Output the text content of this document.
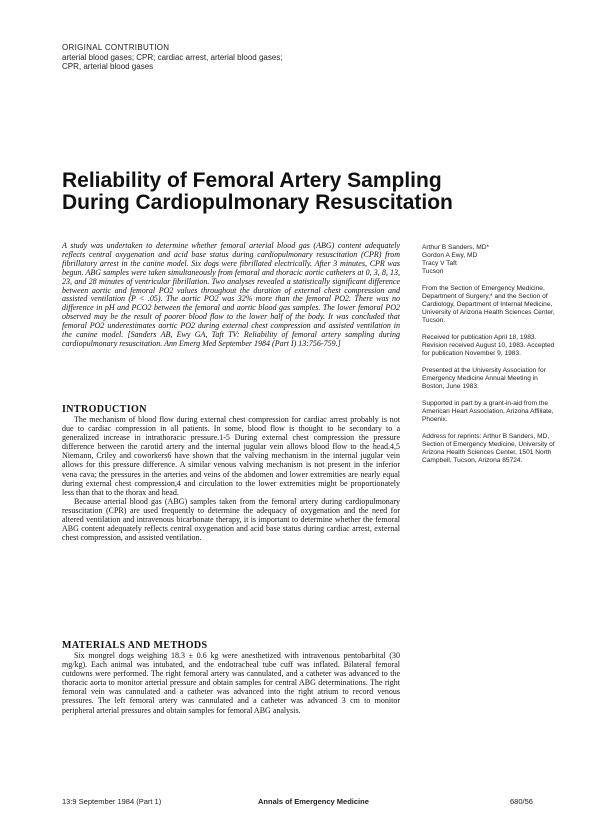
ORIGINAL CONTRIBUTION
arterial blood gases; CPR; cardiac arrest, arterial blood gases;
CPR, arterial blood gases
Reliability of Femoral Artery Sampling
During Cardiopulmonary Resuscitation

A study was undertaken to determine whether femoral arterial blood gas (ABG) content adequately reflects central oxygenation and acid base status during cardiopulmonary resuscitation (CPR) from fibrillatory arrest in the canine model. Six dogs were fibrillated electrically. After 3 minutes, CPR was begun. ABG samples were taken simultaneously from femoral and thoracic aortic catheters at 0, 3, 8, 13, 23, and 28 minutes of ventricular fibrillation. Two analyses revealed a statistically significant difference between aortic and femoral PO2 values throughout the duration of external chest compression and assisted ventilation (P < .05). The aortic PO2 was 32% more than the femoral PO2. There was no difference in pH and PCO2 between the femoral and aortic blood gas samples. The lower femoral PO2 observed may be the result of poorer blood flow to the lower half of the body. It was concluded that femoral PO2 underestimates aortic PO2 during external chest compression and assisted ventilation in the canine model. [Sanders AB, Ewy GA, Taft TV: Reliability of femoral artery sampling during cardiopulmonary resuscitation. Ann Emerg Med September 1984 (Part I) 13:756-759.]

INTRODUCTION

The mechanism of blood flow during external chest compression for cardiac arrest probably is not due to cardiac compression in all patients. In some, blood flow is thought to be secondary to a generalized increase in intrathoracic pressure.1-5 During external chest compression the pressure difference between the carotid artery and the internal jugular vein allows blood flow to the head.4,5 Niemann, Criley and coworkers6 have shown that the valving mechanism in the internal jugular vein allows for this pressure difference. A similar venous valving mechanism is not present in the inferior vena cava; the pressures in the arteries and veins of the abdomen and lower extremities are nearly equal during external chest compression,4 and circulation to the lower extremities might be proportionately less than that to the thorax and head.

Because arterial blood gas (ABG) samples taken from the femoral artery during cardiopulmonary resuscitation (CPR) are used frequently to determine the adequacy of oxygenation and the need for altered ventilation and intravenous bicarbonate therapy, it is important to determine whether the femoral ABG content adequately reflects central oxygenation and acid base status during cardiac arrest, external chest compression, and assisted ventilation.

MATERIALS AND METHODS

Six mongrel dogs weighing 18.3 ± 0.6 kg were anesthetized with intravenous pentobarbital (30 mg/kg). Each animal was intubated, and the endotracheal tube cuff was inflated. Bilateral femoral cutdowns were performed. The right femoral artery was cannulated, and a catheter was advanced to the thoracic aorta to monitor arterial pressure and obtain samples for central ABG determinations. The right femoral vein was cannulated and a catheter was advanced into the right atrium to record venous pressures. The left femoral artery was cannulated and a catheter was advanced 3 cm to monitor peripheral arterial pressures and obtain samples for femoral ABG analysis.

Arthur B Sanders, MD*
Gordon A Ewy, MD
Tracy V Taft
Tucson

From the Section of Emergency Medicine, Department of Surgery,* and the Section of Cardiology, Department of Internal Medicine, University of Arizona Health Sciences Center, Tucson.

Received for publication April 18, 1983. Revision received August 10, 1983. Accepted for publication November 9, 1983.

Presented at the University Association for Emergency Medicine Annual Meeting in Boston, June 1983.

Supported in part by a grant-in-aid from the American Heart Association, Arizona Affiliate, Phoenix.

Address for reprints: Arthur B Sanders, MD, Section of Emergency Medicine, University of Arizona Health Sciences Center, 1501 North Campbell, Tucson, Arizona 85724.

13:9 September 1984 (Part 1)	Annals of Emergency Medicine	680/56
